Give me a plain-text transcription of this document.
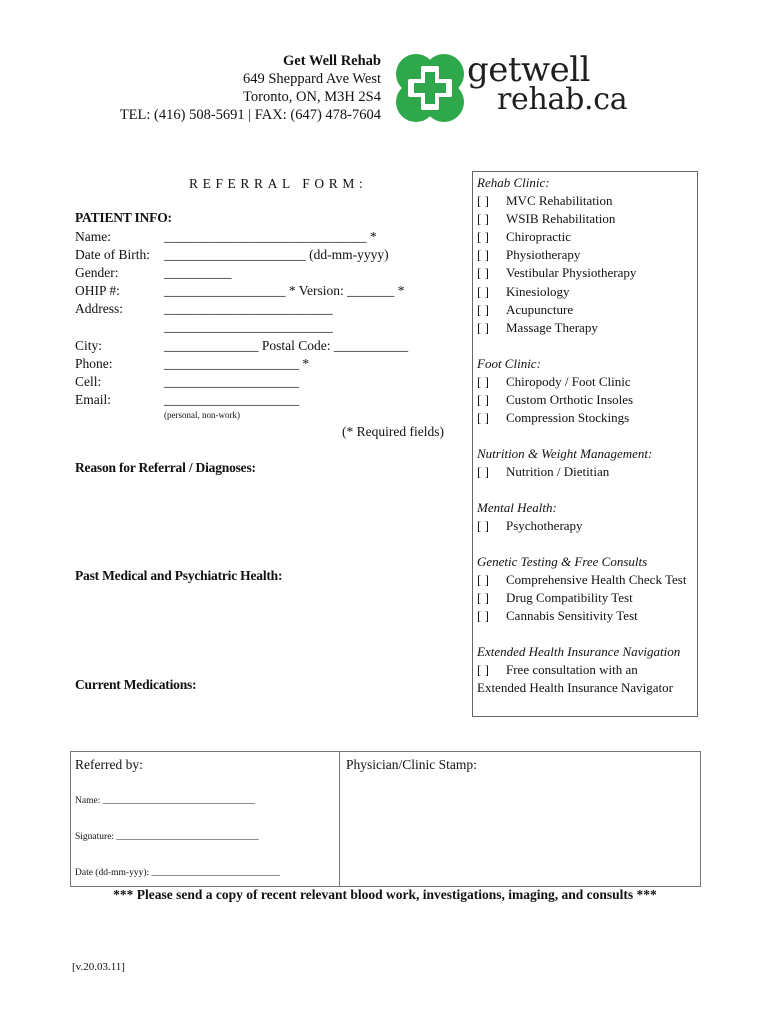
Get Well Rehab
649 Sheppard Ave West
Toronto, ON, M3H 2S4
TEL: (416) 508-5691 | FAX: (647) 478-7604
getwell
rehab.ca
REFERRAL FORM:
PATIENT INFO:
Name:	______________________________ *
Date of Birth: _____________________ (dd-mm-yyyy)
Gender:	__________
OHIP #:	__________________ * Version: _______ *
Address:	_________________________
_________________________
City:	______________ Postal Code: ___________
Phone:	____________________ *
Cell:	____________________
Email:	____________________
(personal, non-work)
(* Required fields)
Reason for Referral / Diagnoses:
Past Medical and Psychiatric Health:
Current Medications:
Rehab Clinic:
[ ] MVC Rehabilitation
[ ] WSIB Rehabilitation
[ ] Chiropractic
[ ] Physiotherapy
[ ] Vestibular Physiotherapy
[ ] Kinesiology
[ ] Acupuncture
[ ] Massage Therapy
Foot Clinic:
[ ] Chiropody / Foot Clinic
[ ] Custom Orthotic Insoles
[ ] Compression Stockings
Nutrition & Weight Management:
[ ] Nutrition / Dietitian
Mental Health:
[ ] Psychotherapy
Genetic Testing & Free Consults
[ ] Comprehensive Health Check Test
[ ] Drug Compatibility Test
[ ] Cannabis Sensitivity Test
Extended Health Insurance Navigation
[ ] Free consultation with an
Extended Health Insurance Navigator
Referred by:	Physician/Clinic Stamp:
Name: ________________________________
Signature: ______________________________
Date (dd-mm-yyy): ___________________________
*** Please send a copy of recent relevant blood work, investigations, imaging, and consults ***
[v.20.03.11]
